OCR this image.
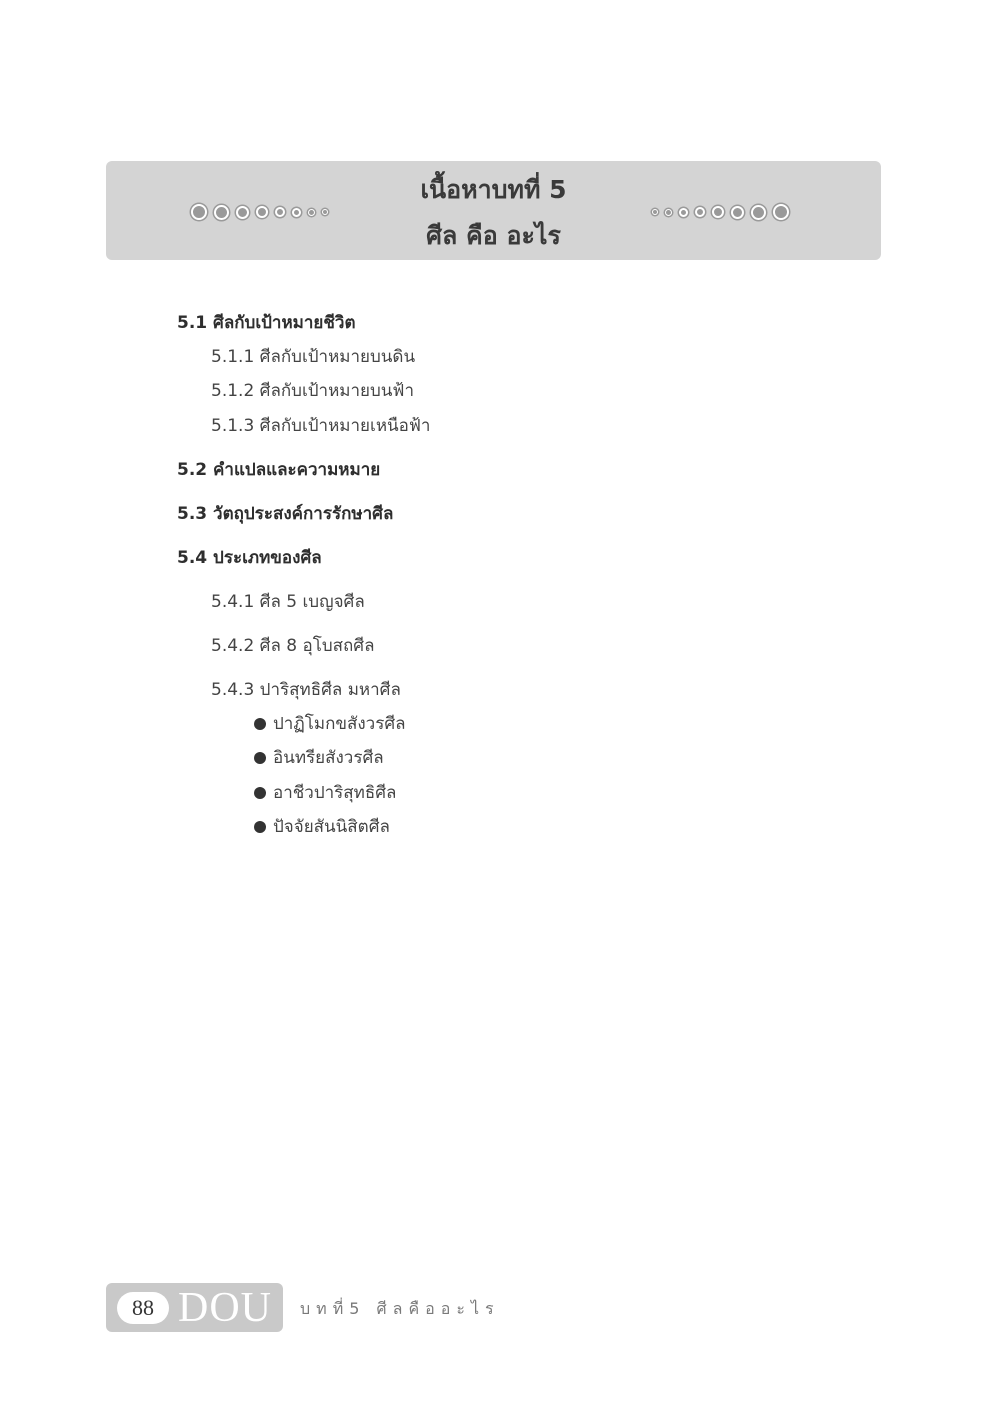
เนื้อหาบทที่ 5
ศีล คือ อะไร
5.1 ศีลกับเป้าหมายชีวิต
5.1.1 ศีลกับเป้าหมายบนดิน
5.1.2 ศีลกับเป้าหมายบนฟ้า
5.1.3 ศีลกับเป้าหมายเหนือฟ้า
5.2 คำแปลและความหมาย
5.3 วัตถุประสงค์การรักษาศีล
5.4 ประเภทของศีล
5.4.1 ศีล 5 เบญจศีล
5.4.2 ศีล 8 อุโบสถศีล
5.4.3 ปาริสุทธิศีล มหาศีล
ปาฏิโมกขสังวรศีล
อินทรียสังวรศีล
อาชีวปาริสุทธิศีล
ปัจจัยสันนิสิตศีล
88 DOU บทที่5 ศีลคืออะไร
